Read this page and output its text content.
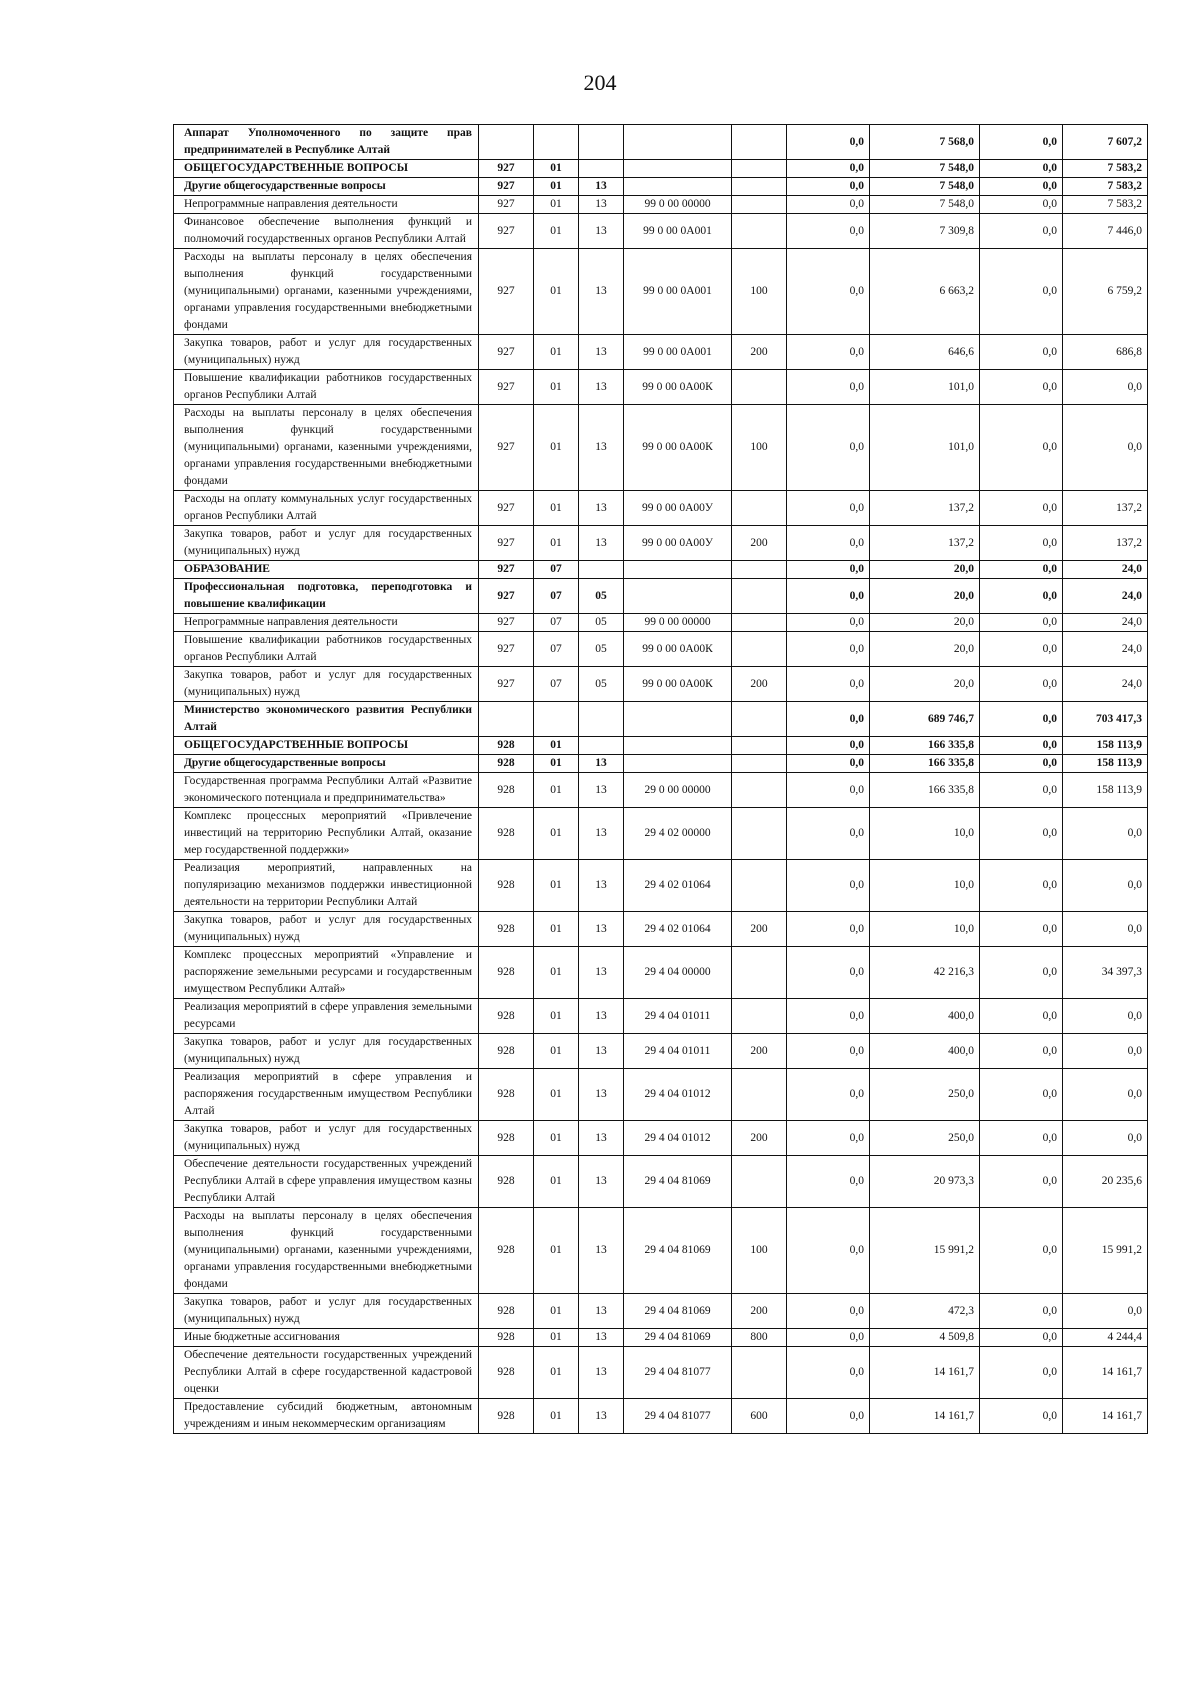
204
Аппарат Уполномоченного по защите прав предпринимателей в Республике Алтай						0,0	7 568,0	0,0	7 607,2
ОБЩЕГОСУДАРСТВЕННЫЕ ВОПРОСЫ	927	01				0,0	7 548,0	0,0	7 583,2
Другие общегосударственные вопросы	927	01	13			0,0	7 548,0	0,0	7 583,2
Непрограммные направления деятельности	927	01	13	99 0 00 00000		0,0	7 548,0	0,0	7 583,2
Финансовое обеспечение выполнения функций и полномочий государственных органов Республики Алтай	927	01	13	99 0 00 0А001		0,0	7 309,8	0,0	7 446,0
Расходы на выплаты персоналу в целях обеспечения выполнения функций государственными (муниципальными) органами, казенными учреждениями, органами управления государственными внебюджетными фондами	927	01	13	99 0 00 0А001	100	0,0	6 663,2	0,0	6 759,2
Закупка товаров, работ и услуг для государственных (муниципальных) нужд	927	01	13	99 0 00 0А001	200	0,0	646,6	0,0	686,8
Повышение квалификации работников государственных органов Республики Алтай	927	01	13	99 0 00 0А00К		0,0	101,0	0,0	0,0
Расходы на выплаты персоналу в целях обеспечения выполнения функций государственными (муниципальными) органами, казенными учреждениями, органами управления государственными внебюджетными фондами	927	01	13	99 0 00 0А00К	100	0,0	101,0	0,0	0,0
Расходы на оплату коммунальных услуг государственных органов Республики Алтай	927	01	13	99 0 00 0А00У		0,0	137,2	0,0	137,2
Закупка товаров, работ и услуг для государственных (муниципальных) нужд	927	01	13	99 0 00 0А00У	200	0,0	137,2	0,0	137,2
ОБРАЗОВАНИЕ	927	07				0,0	20,0	0,0	24,0
Профессиональная подготовка, переподготовка и повышение квалификации	927	07	05			0,0	20,0	0,0	24,0
Непрограммные направления деятельности	927	07	05	99 0 00 00000		0,0	20,0	0,0	24,0
Повышение квалификации работников государственных органов Республики Алтай	927	07	05	99 0 00 0А00К		0,0	20,0	0,0	24,0
Закупка товаров, работ и услуг для государственных (муниципальных) нужд	927	07	05	99 0 00 0А00К	200	0,0	20,0	0,0	24,0
Министерство экономического развития Республики Алтай						0,0	689 746,7	0,0	703 417,3
ОБЩЕГОСУДАРСТВЕННЫЕ ВОПРОСЫ	928	01				0,0	166 335,8	0,0	158 113,9
Другие общегосударственные вопросы	928	01	13			0,0	166 335,8	0,0	158 113,9
Государственная программа Республики Алтай «Развитие экономического потенциала и предпринимательства»	928	01	13	29 0 00 00000		0,0	166 335,8	0,0	158 113,9
Комплекс процессных мероприятий «Привлечение инвестиций на территорию Республики Алтай, оказание мер государственной поддержки»	928	01	13	29 4 02 00000		0,0	10,0	0,0	0,0
Реализация мероприятий, направленных на популяризацию механизмов поддержки инвестиционной деятельности на территории Республики Алтай	928	01	13	29 4 02 01064		0,0	10,0	0,0	0,0
Закупка товаров, работ и услуг для государственных (муниципальных) нужд	928	01	13	29 4 02 01064	200	0,0	10,0	0,0	0,0
Комплекс процессных мероприятий «Управление и распоряжение земельными ресурсами и государственным имуществом Республики Алтай»	928	01	13	29 4 04 00000		0,0	42 216,3	0,0	34 397,3
Реализация мероприятий в сфере управления земельными ресурсами	928	01	13	29 4 04 01011		0,0	400,0	0,0	0,0
Закупка товаров, работ и услуг для государственных (муниципальных) нужд	928	01	13	29 4 04 01011	200	0,0	400,0	0,0	0,0
Реализация мероприятий в сфере управления и распоряжения государственным имуществом Республики Алтай	928	01	13	29 4 04 01012		0,0	250,0	0,0	0,0
Закупка товаров, работ и услуг для государственных (муниципальных) нужд	928	01	13	29 4 04 01012	200	0,0	250,0	0,0	0,0
Обеспечение деятельности государственных учреждений Республики Алтай в сфере управления имуществом казны Республики Алтай	928	01	13	29 4 04 81069		0,0	20 973,3	0,0	20 235,6
Расходы на выплаты персоналу в целях обеспечения выполнения функций государственными (муниципальными) органами, казенными учреждениями, органами управления государственными внебюджетными фондами	928	01	13	29 4 04 81069	100	0,0	15 991,2	0,0	15 991,2
Закупка товаров, работ и услуг для государственных (муниципальных) нужд	928	01	13	29 4 04 81069	200	0,0	472,3	0,0	0,0
Иные бюджетные ассигнования	928	01	13	29 4 04 81069	800	0,0	4 509,8	0,0	4 244,4
Обеспечение деятельности государственных учреждений Республики Алтай в сфере государственной кадастровой оценки	928	01	13	29 4 04 81077		0,0	14 161,7	0,0	14 161,7
Предоставление субсидий бюджетным, автономным учреждениям и иным некоммерческим организациям	928	01	13	29 4 04 81077	600	0,0	14 161,7	0,0	14 161,7
